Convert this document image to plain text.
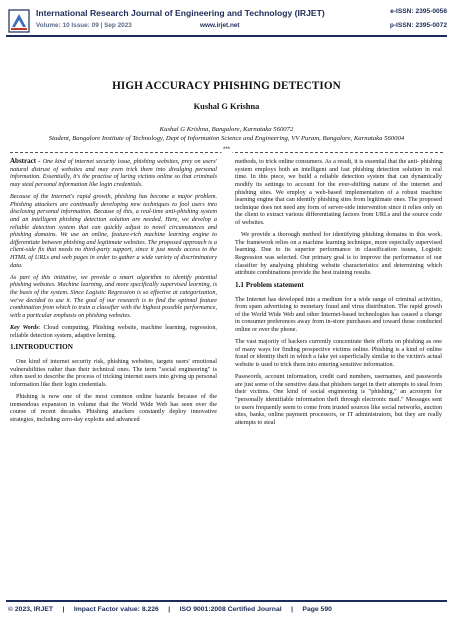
International Research Journal of Engineering and Technology (IRJET)
Volume: 10 Issue: 09 | Sep 2023	www.irjet.net
e-ISSN: 2395-0056
p-ISSN: 2395-0072
HIGH ACCURACY PHISHING DETECTION
Kushal G Krishna
Kushal G Krishna, Bangalore, Karnataka 560072
Student, Bangalore Institute of Technology, Dept of Information Science and Engineering, VV Puram, Bangalore, Karnataka 560004
***

Abstract - One kind of internet security issue, phishing websites, prey on users' natural distrust of websites and may even trick them into divulging personal information. Essentially, it's the practise of luring victims online so that criminals may steal personal information like login credentials.

Because of the Internet's rapid growth, phishing has become a major problem. Phishing attackers are continually developing new techniques to fool users into disclosing personal information. Because of this, a real-time anti-phishing system and an intelligent phishing detection solution are needed. Here, we develop a reliable detection system that can quickly adjust to novel circumstances and phishing domains. We use an online, feature-rich machine learning engine to differentiate between phishing and legitimate websites. The proposed approach is a client-side fix that needs no third-party support, since it just needs access to the HTML of URLs and web pages in order to gather a wide variety of discriminatory data.

As part of this initiative, we provide a smart algorithm to identify potential phishing websites. Machine learning, and more specifically supervised learning, is the basis of the system. Since Logistic Regression is so effective at categorization, we've decided to use it. The goal of our research is to find the optimal feature combination from which to train a classifier with the highest possible performance, with a particular emphasis on phishing websites.

Key Words: Cloud computing, Phishing website, machine learning, regression, reliable detection system, adaptive lerning.

1.INTRODUCTION

One kind of internet security risk, phishing websites, targets users' emotional vulnerabilities rather than their technical ones. The term "social engineering" is often used to describe the process of tricking internet users into giving up personal information like their login credentials.

Phishing is now one of the most common online hazards because of the tremendous expansion in volume that the World Wide Web has seen over the course of recent decades. Phishing attackers constantly deploy innovative strategies, including zero-day exploits and advanced

methods, to trick online consumers. As a result, it is essential that the anti- phishing system employs both an intelligent and fast phishing detection solution in real time. In this piece, we build a reliable detection system that can dynamically modify its settings to account for the ever-shifting nature of the internet and phishing sites. We employ a web-based implementation of a robust machine learning engine that can identify phishing sites from legitimate ones. The proposed technique does not need any form of server-side intervention since it relies only on the client to extract various differentiating factors from URLs and the source code of websites.

We provide a thorough method for identifying phishing domains in this work. The framework relies on a machine learning technique, more especially supervised learning. Due to its superior performance in classification issues, Logistic Regression was selected. Our primary goal is to improve the performance of our classifier by analysing phishing website characteristics and determining which attribute combinations provide the best training results.

1.1 Problem statement

The Internet has developed into a medium for a wide range of criminal activities, from spam advertising to monetary fraud and virus distribution. The rapid growth of the World Wide Web and other Internet-based technologies has caused a change in consumer preferences away from in-store purchases and toward those conducted online or over the phone.

The vast majority of hackers currently concentrate their efforts on phishing as one of many ways for finding prospective victims online. Phishing is a kind of online fraud or identity theft in which a fake yet superficially similar to the victim's actual website is used to trick them into entering sensitive information.

Passwords, account information, credit card numbers, usernames, and passwords are just some of the sensitive data that phishers target in their attempts to steal from their victims. One kind of social engineering is "phishing," an acronym for "personally identifiable information theft through electronic mail." Messages sent to users frequently seem to come from trusted sources like social networks, auction sites, banks, online payment processors, or IT administrators, but they are really attempts to steal

© 2023, IRJET     |     Impact Factor value: 8.226     |     ISO 9001:2008 Certified Journal     |     Page 590
